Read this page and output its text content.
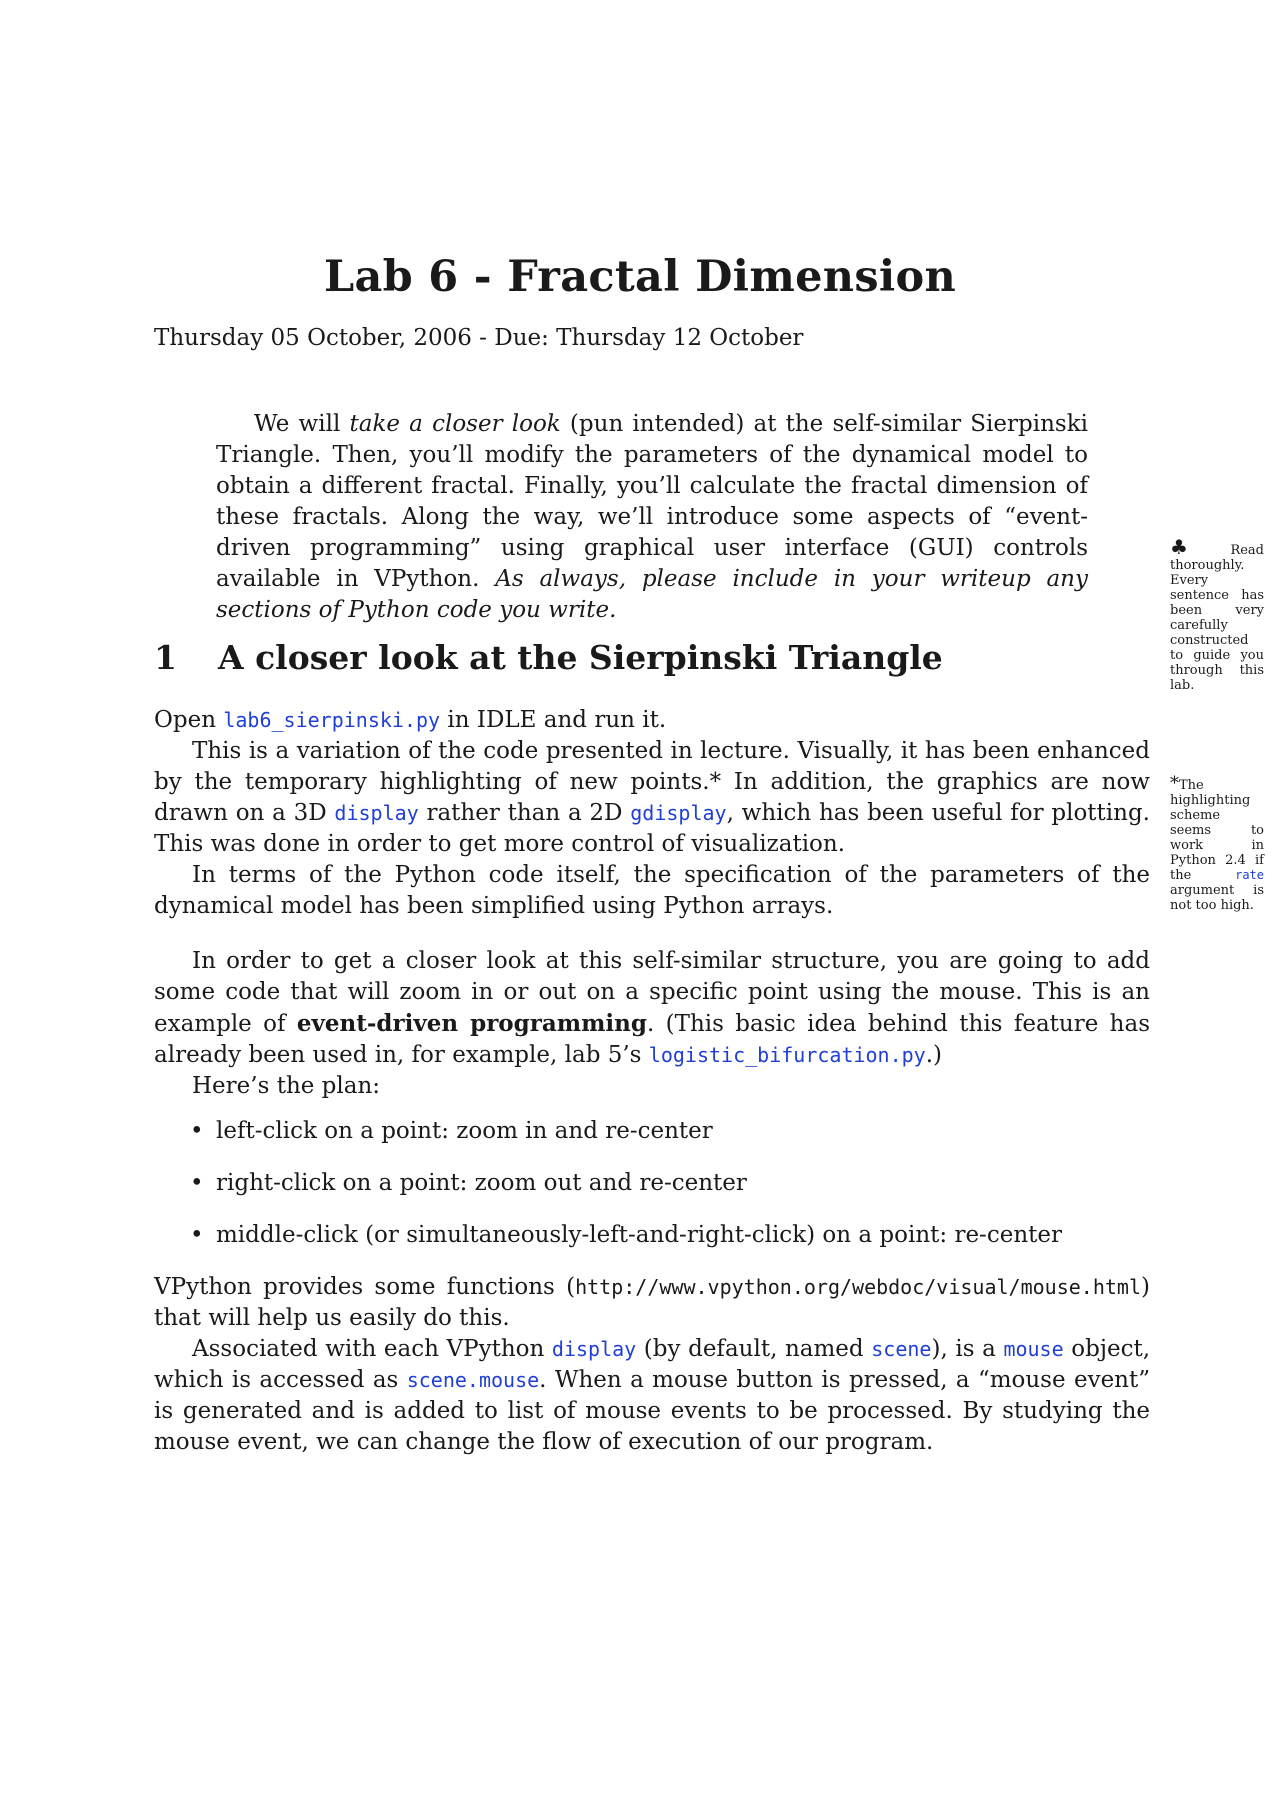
Lab 6 - Fractal Dimension

Thursday 05 October, 2006 - Due: Thursday 12 October

We will take a closer look (pun intended) at the self-similar Sierpinski Triangle. Then, you’ll modify the parameters of the dynamical model to obtain a different fractal. Finally, you’ll calculate the fractal dimension of these fractals. Along the way, we’ll introduce some aspects of “event-driven programming” using graphical user interface (GUI) controls available in VPython. As always, please include in your writeup any sections of Python code you write.

1 A closer look at the Sierpinski Triangle

Open lab6_sierpinski.py in IDLE and run it.

This is a variation of the code presented in lecture. Visually, it has been enhanced by the temporary highlighting of new points.* In addition, the graphics are now drawn on a 3D display rather than a 2D gdisplay, which has been useful for plotting. This was done in order to get more control of visualization.

In terms of the Python code itself, the specification of the parameters of the dynamical model has been simplified using Python arrays.

In order to get a closer look at this self-similar structure, you are going to add some code that will zoom in or out on a specific point using the mouse. This is an example of event-driven programming. (This basic idea behind this feature has already been used in, for example, lab 5’s logistic_bifurcation.py.)

Here’s the plan:

• left-click on a point: zoom in and re-center
• right-click on a point: zoom out and re-center
• middle-click (or simultaneously-left-and-right-click) on a point: re-center

VPython provides some functions (http://www.vpython.org/webdoc/visual/mouse.html) that will help us easily do this.

Associated with each VPython display (by default, named scene), is a mouse object, which is accessed as scene.mouse. When a mouse button is pressed, a “mouse event” is generated and is added to list of mouse events to be processed. By studying the mouse event, we can change the flow of execution of our program.

♣Read thoroughly. Every sentence has been very carefully constructed to guide you through this lab.
*The highlighting scheme seems to work in Python 2.4 if the rate argument is not too high.
